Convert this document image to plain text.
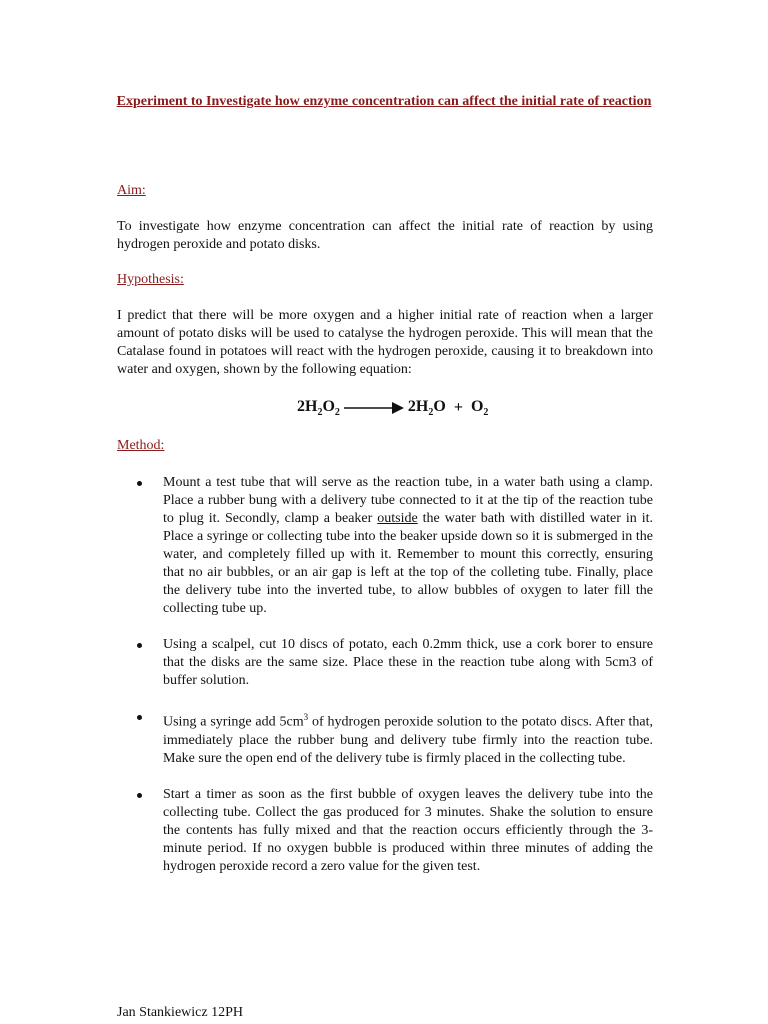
Experiment to Investigate how enzyme concentration can affect the initial rate of reaction
Aim:
To investigate how enzyme concentration can affect the initial rate of reaction by using hydrogen peroxide and potato disks.
Hypothesis:
I predict that there will be more oxygen and a higher initial rate of reaction when a larger amount of potato disks will be used to catalyse the hydrogen peroxide. This will mean that the Catalase found in potatoes will react with the hydrogen peroxide, causing it to breakdown into water and oxygen, shown by the following equation:
$2H_2O_2 \to 2H_2O + O_2$
Method:
Mount a test tube that will serve as the reaction tube, in a water bath using a clamp. Place a rubber bung with a delivery tube connected to it at the tip of the reaction tube to plug it. Secondly, clamp a beaker outside the water bath with distilled water in it. Place a syringe or collecting tube into the beaker upside down so it is submerged in the water, and completely filled up with it. Remember to mount this correctly, ensuring that no air bubbles, or an air gap is left at the top of the colleting tube. Finally, place the delivery tube into the inverted tube, to allow bubbles of oxygen to later fill the collecting tube up.
Using a scalpel, cut 10 discs of potato, each 0.2mm thick, use a cork borer to ensure that the disks are the same size. Place these in the reaction tube along with 5cm3 of buffer solution.
Using a syringe add $5cm^3$ of hydrogen peroxide solution to the potato discs. After that, immediately place the rubber bung and delivery tube firmly into the reaction tube. Make sure the open end of the delivery tube is firmly placed in the collecting tube.
Start a timer as soon as the first bubble of oxygen leaves the delivery tube into the collecting tube. Collect the gas produced for 3 minutes. Shake the solution to ensure the contents has fully mixed and that the reaction occurs efficiently through the 3-minute period. If no oxygen bubble is produced within three minutes of adding the hydrogen peroxide record a zero value for the given test.
Jan Stankiewicz 12PH
